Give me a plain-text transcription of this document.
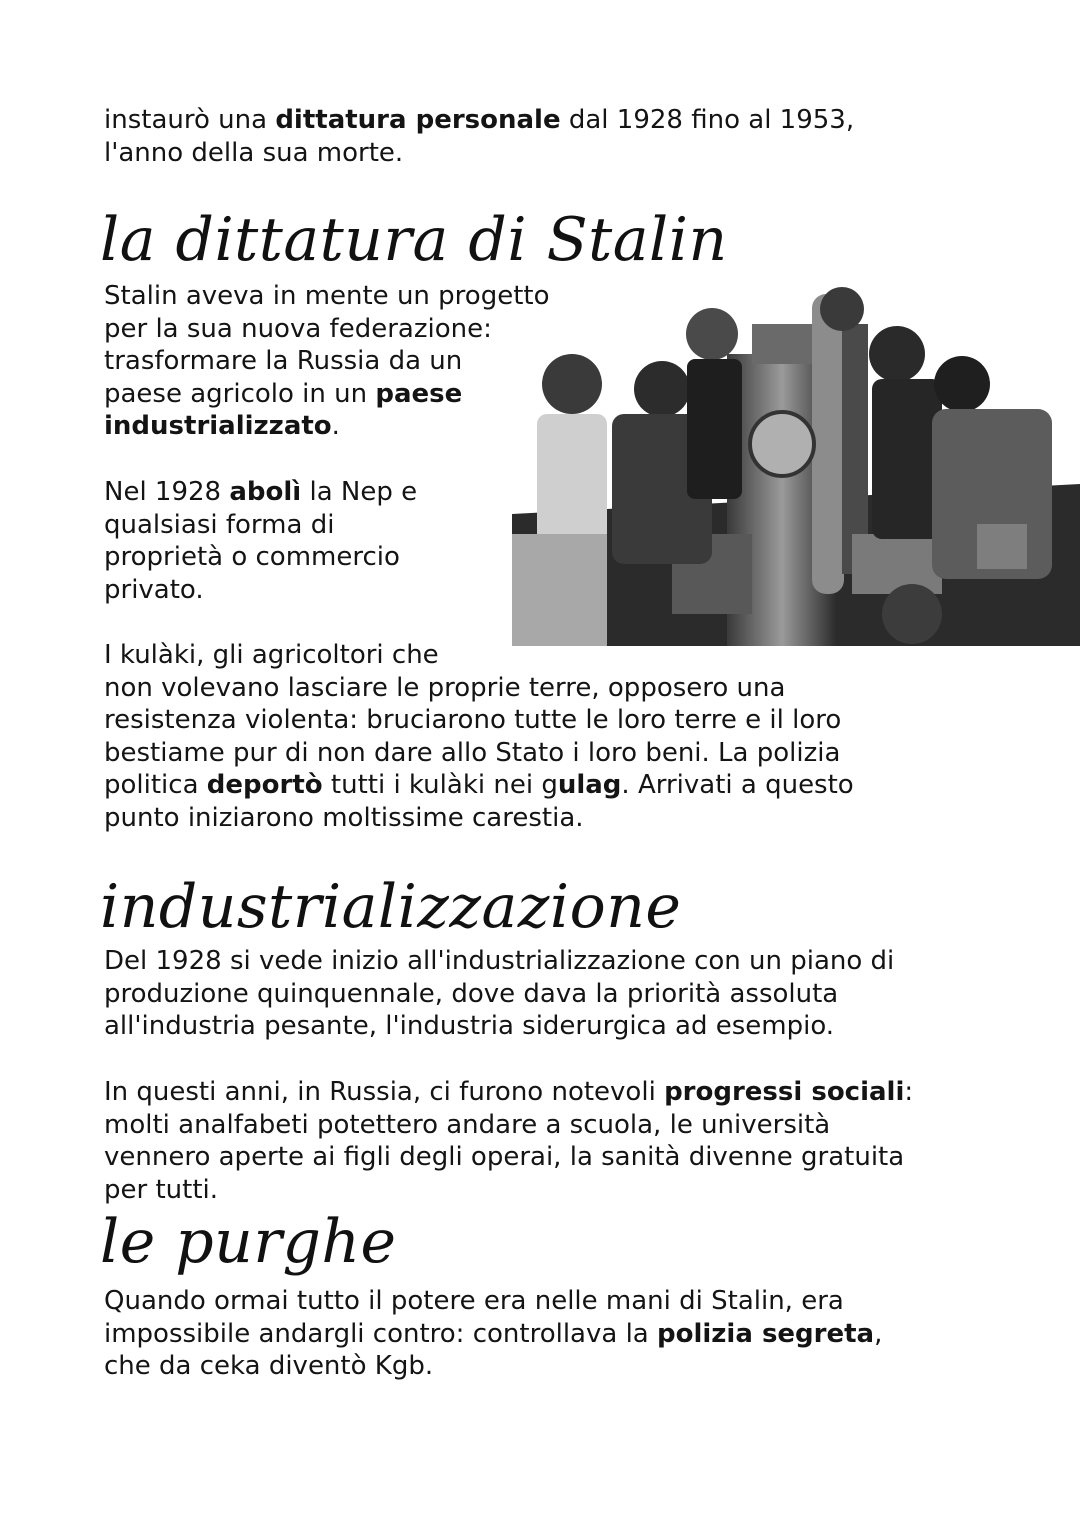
instaurò una dittatura personale dal 1928 fino al 1953,
l'anno della sua morte.

la dittatura di Stalin

Stalin aveva in mente un progetto
per la sua nuova federazione:
trasformare la Russia da un
paese agricolo in un paese
industrializzato.

Nel 1928 abolì la Nep e
qualsiasi forma di
proprietà o commercio
privato.

I kulàki, gli agricoltori che
non volevano lasciare le proprie terre, opposero una
resistenza violenta: bruciarono tutte le loro terre e il loro
bestiame pur di non dare allo Stato i loro beni. La polizia
politica deportò tutti i kulàki nei gulag. Arrivati a questo
punto iniziarono moltissime carestia.

industrializzazione

Del 1928 si vede inizio all'industrializzazione con un piano di
produzione quinquennale, dove dava la priorità assoluta
all'industria pesante, l'industria siderurgica ad esempio.

In questi anni, in Russia, ci furono notevoli progressi sociali:
molti analfabeti potettero andare a scuola, le università
vennero aperte ai figli degli operai, la sanità divenne gratuita
per tutti.

le purghe

Quando ormai tutto il potere era nelle mani di Stalin, era
impossibile andargli contro: controllava la polizia segreta,
che da ceka diventò Kgb.
